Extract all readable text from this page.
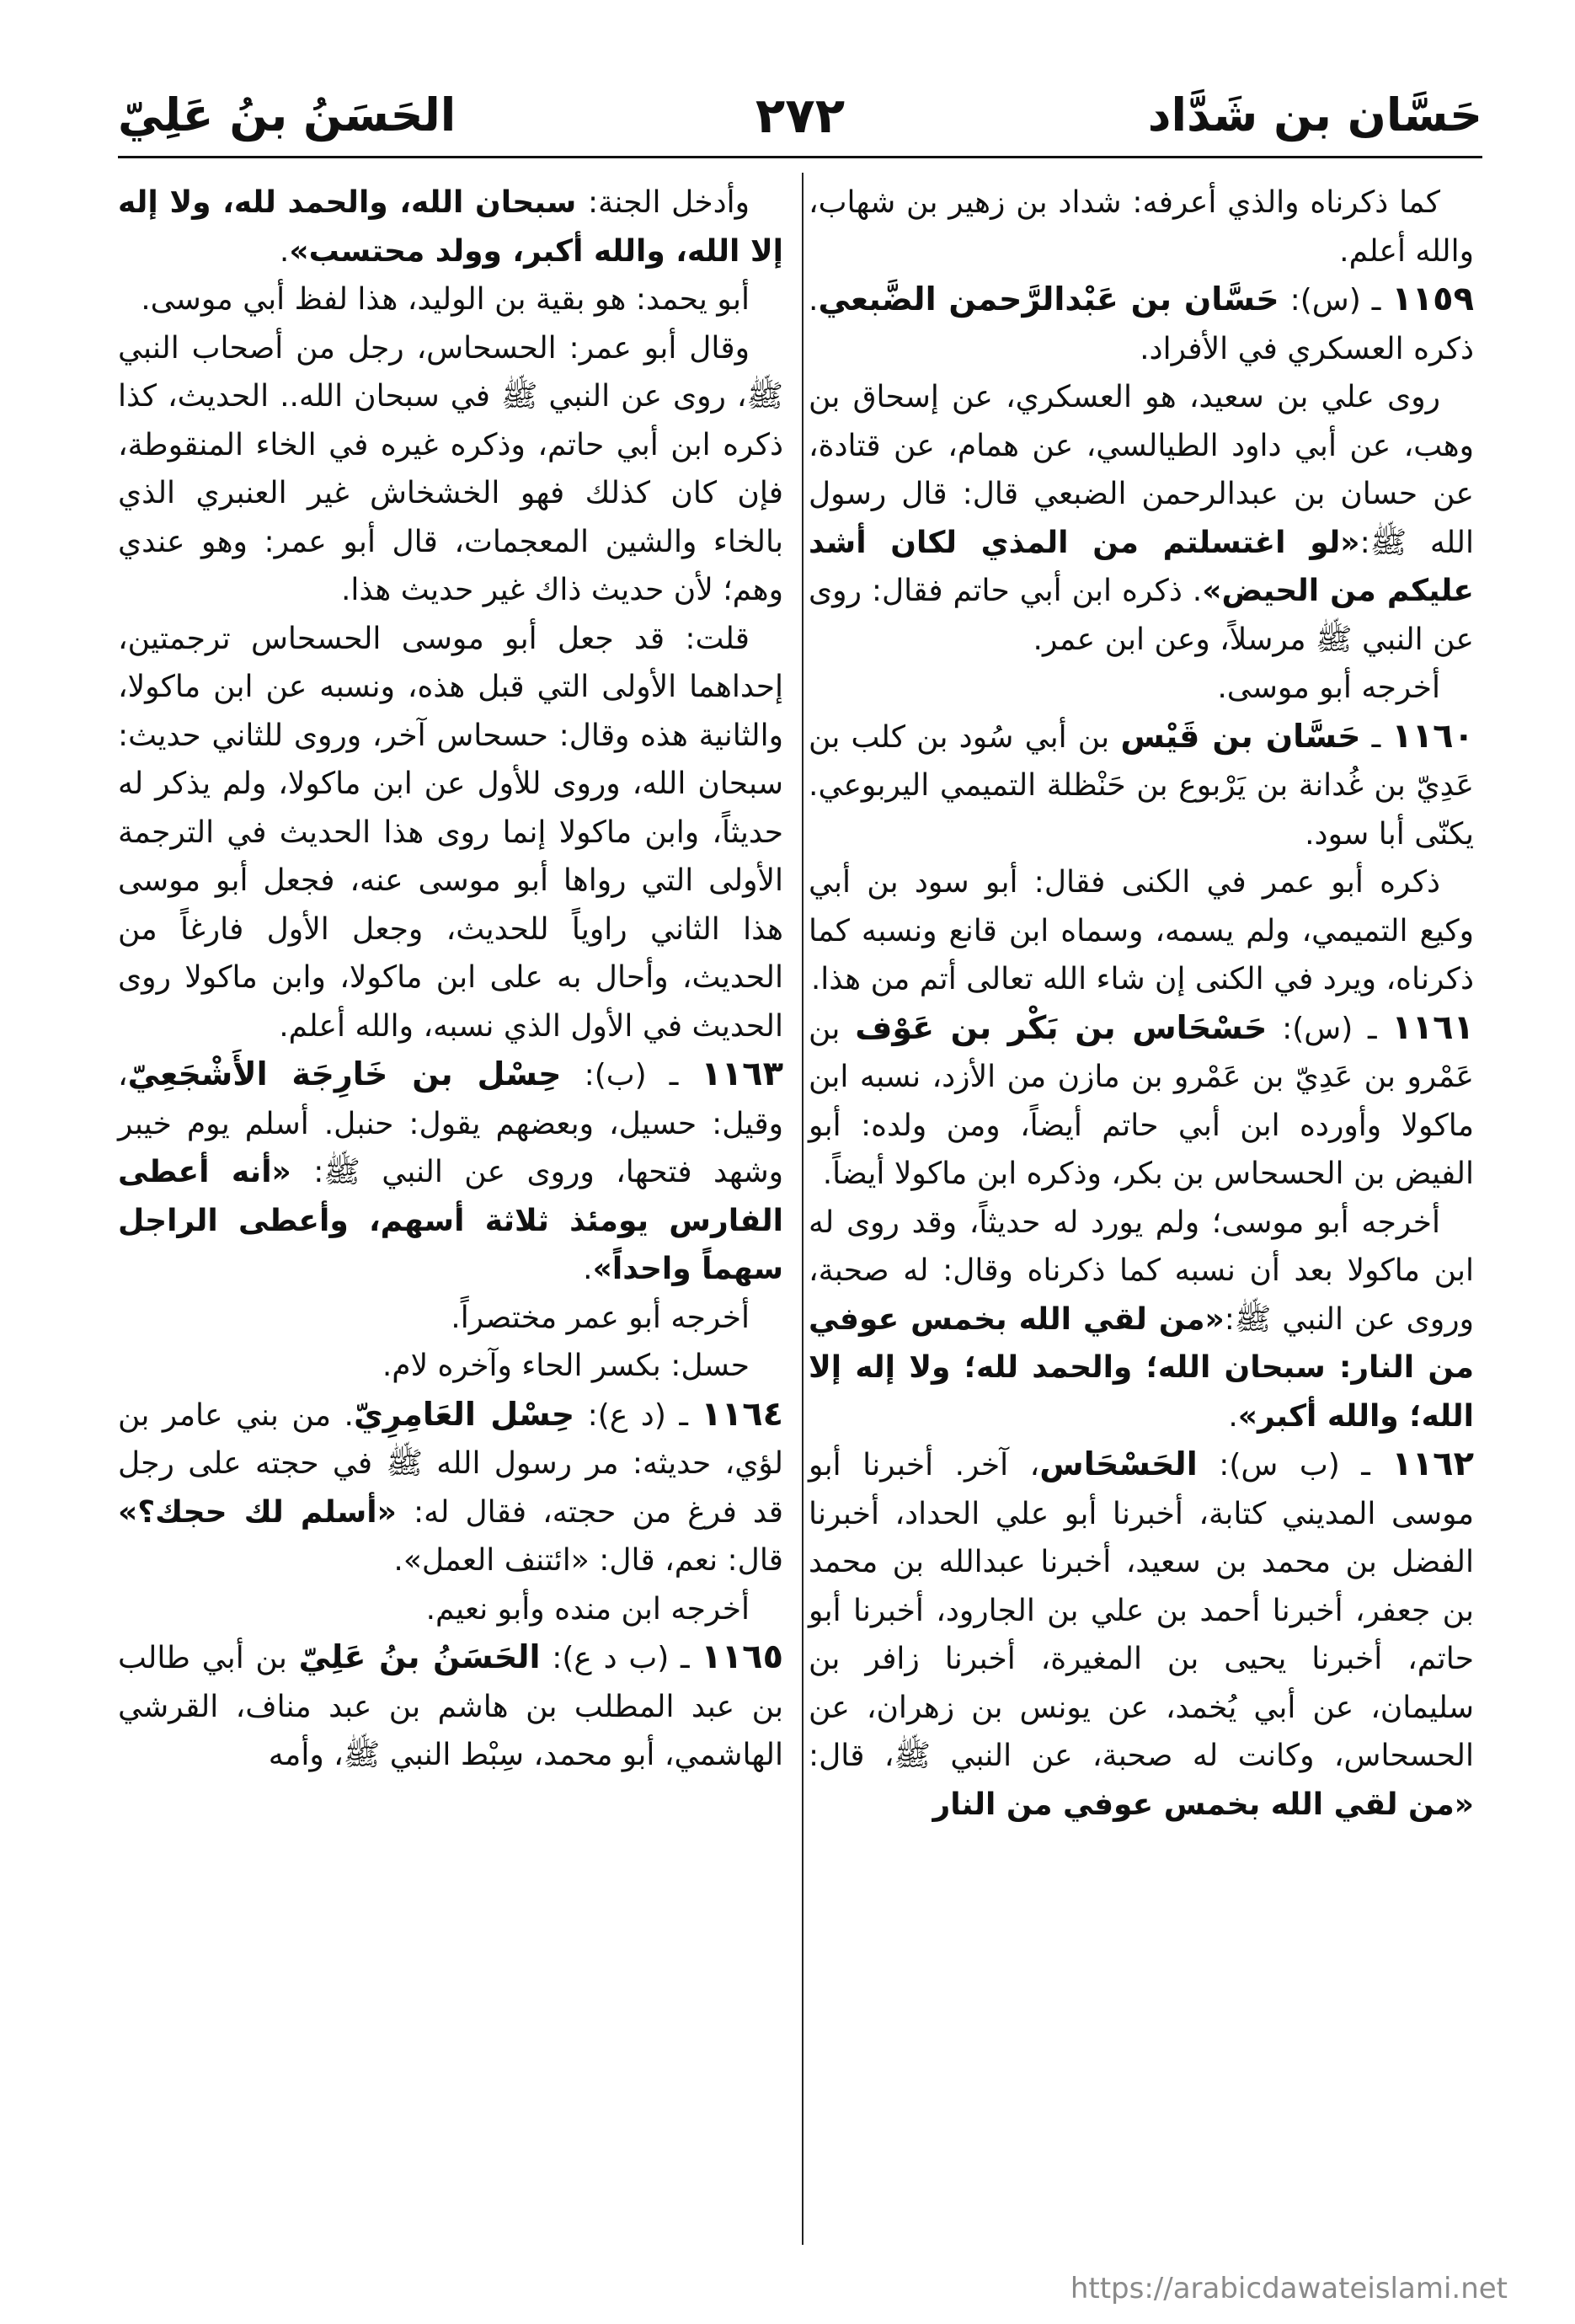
حَسَّان بن شَدَّاد
٢٧٢
الحَسَنُ بنُ عَلِيّ

كما ذكرناه والذي أعرفه: شداد بن زهير بن شهاب، والله أعلم.

١١٥٩ ـ (س): حَسَّان بن عَبْدالرَّحمن الضَّبعي. ذكره العسكري في الأفراد.

روى علي بن سعيد، هو العسكري، عن إسحاق بن وهب، عن أبي داود الطيالسي، عن همام، عن قتادة، عن حسان بن عبدالرحمن الضبعي قال: قال رسول الله ﷺ:«لو اغتسلتم من المذي لكان أشد عليكم من الحيض». ذكره ابن أبي حاتم فقال: روى عن النبي ﷺ مرسلاً، وعن ابن عمر.

أخرجه أبو موسى.

١١٦٠ ـ حَسَّان بن قَيْس بن أبي سُود بن كلب بن عَدِيّ بن غُدانة بن يَرْبوع بن حَنْظلة التميمي اليربوعي. يكنّى أبا سود.

ذكره أبو عمر في الكنى فقال: أبو سود بن أبي وكيع التميمي، ولم يسمه، وسماه ابن قانع ونسبه كما ذكرناه، ويرد في الكنى إن شاء الله تعالى أتم من هذا.

١١٦١ ـ (س): حَسْحَاس بن بَكْر بن عَوْف بن عَمْرو بن عَدِيّ بن عَمْرو بن مازن من الأزد، نسبه ابن ماكولا وأورده ابن أبي حاتم أيضاً، ومن ولده: أبو الفيض بن الحسحاس بن بكر، وذكره ابن ماكولا أيضاً.

أخرجه أبو موسى؛ ولم يورد له حديثاً، وقد روى له ابن ماكولا بعد أن نسبه كما ذكرناه وقال: له صحبة، وروى عن النبي ﷺ:«من لقي الله بخمس عوفي من النار: سبحان الله؛ والحمد لله؛ ولا إله إلا الله؛ والله أكبر».

١١٦٢ ـ (ب س): الحَسْحَاس، آخر. أخبرنا أبو موسى المديني كتابة، أخبرنا أبو علي الحداد، أخبرنا الفضل بن محمد بن سعيد، أخبرنا عبدالله بن محمد بن جعفر، أخبرنا أحمد بن علي بن الجارود، أخبرنا أبو حاتم، أخبرنا يحيى بن المغيرة، أخبرنا زافر بن سليمان، عن أبي يُخمد، عن يونس بن زهران، عن الحسحاس، وكانت له صحبة، عن النبي ﷺ، قال: «من لقي الله بخمس عوفي من النار

وأدخل الجنة: سبحان الله، والحمد لله، ولا إله إلا الله، والله أكبر، وولد محتسب».

أبو يحمد: هو بقية بن الوليد، هذا لفظ أبي موسى.

وقال أبو عمر: الحسحاس، رجل من أصحاب النبي ﷺ، روى عن النبي ﷺ في سبحان الله.. الحديث، كذا ذكره ابن أبي حاتم، وذكره غيره في الخاء المنقوطة، فإن كان كذلك فهو الخشخاش غير العنبري الذي بالخاء والشين المعجمات، قال أبو عمر: وهو عندي وهم؛ لأن حديث ذاك غير حديث هذا.

قلت: قد جعل أبو موسى الحسحاس ترجمتين، إحداهما الأولى التي قبل هذه، ونسبه عن ابن ماكولا، والثانية هذه وقال: حسحاس آخر، وروى للثاني حديث: سبحان الله، وروى للأول عن ابن ماكولا، ولم يذكر له حديثاً، وابن ماكولا إنما روى هذا الحديث في الترجمة الأولى التي رواها أبو موسى عنه، فجعل أبو موسى هذا الثاني راوياً للحديث، وجعل الأول فارغاً من الحديث، وأحال به على ابن ماكولا، وابن ماكولا روى الحديث في الأول الذي نسبه، والله أعلم.

١١٦٣ ـ (ب): حِسْل بن خَارِجَة الأَشْجَعِيّ، وقيل: حسيل، وبعضهم يقول: حنبل. أسلم يوم خيبر وشهد فتحها، وروى عن النبي ﷺ: «أنه أعطى الفارس يومئذ ثلاثة أسهم، وأعطى الراجل سهماً واحداً».

أخرجه أبو عمر مختصراً.

حسل: بكسر الحاء وآخره لام.

١١٦٤ ـ (د ع): حِسْل العَامِرِيّ. من بني عامر بن لؤي، حديثه: مر رسول الله ﷺ في حجته على رجل قد فرغ من حجته، فقال له: «أسلم لك حجك؟» قال: نعم، قال: «ائتنف العمل».

أخرجه ابن منده وأبو نعيم.

١١٦٥ ـ (ب د ع): الحَسَنُ بنُ عَلِيّ بن أبي طالب بن عبد المطلب بن هاشم بن عبد مناف، القرشي الهاشمي، أبو محمد، سِبْط النبي ﷺ، وأمه

https://arabicdawateislami.net
